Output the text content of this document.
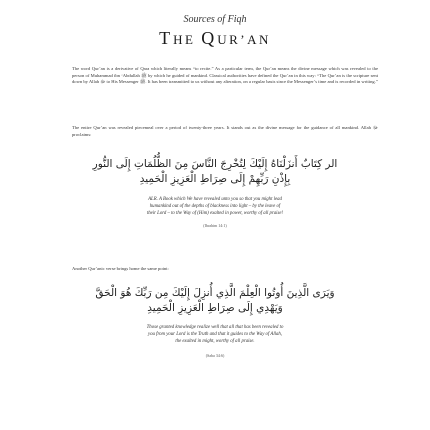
Sources of Fiqh
THE QUR’AN
The word Qur’an is a derivative of Qara which literally means “to recite.” As a particular term, the Qur’an means the divine message which was revealed to the person of Muhammad ibn ‘Abdullah ﷺ by which he guided of mankind. Classical authorities have defined the Qur’an in this way: “The Qur’an is the scripture sent down by Allah ﷻ to His Messenger ﷺ. It has been transmitted to us without any alteration, on a regular basis since the Messenger’s time and is recorded in writing.”
The entire Qur’an was revealed piecemeal over a period of twenty-three years. It stands out as the divine message for the guidance of all mankind. Allah ﷻ proclaims:
الر كِتَابٌ أَنزَلْنَاهُ إِلَيْكَ لِتُخْرِجَ النَّاسَ مِنَ الظُّلُمَاتِ إِلَى النُّورِ
بِإِذْنِ رَبِّهِمْ إِلَى صِرَاطِ الْعَزِيزِ الْحَمِيدِ
ALR. A Book which We have revealed unto you so that you might lead
humankind out of the depths of blackness into light – by the leave of
their Lord – to the Way of (Him) exalted in power, worthy of all praise!
(Ibrahim 14:1)
Another Qur’anic verse brings home the same point:
وَيَرَى الَّذِينَ أُوتُوا الْعِلْمَ الَّذِي أُنزِلَ إِلَيْكَ مِن رَبِّكَ هُوَ الْحَقَّ
وَيَهْدِي إِلَى صِرَاطِ الْعَزِيزِ الْحَمِيدِ
Those granted knowledge realize well that all that has been revealed to
you from your Lord is the Truth and that it guides to the Way of Allah,
the exalted in might, worthy of all praise.
(Saba 34:6)
